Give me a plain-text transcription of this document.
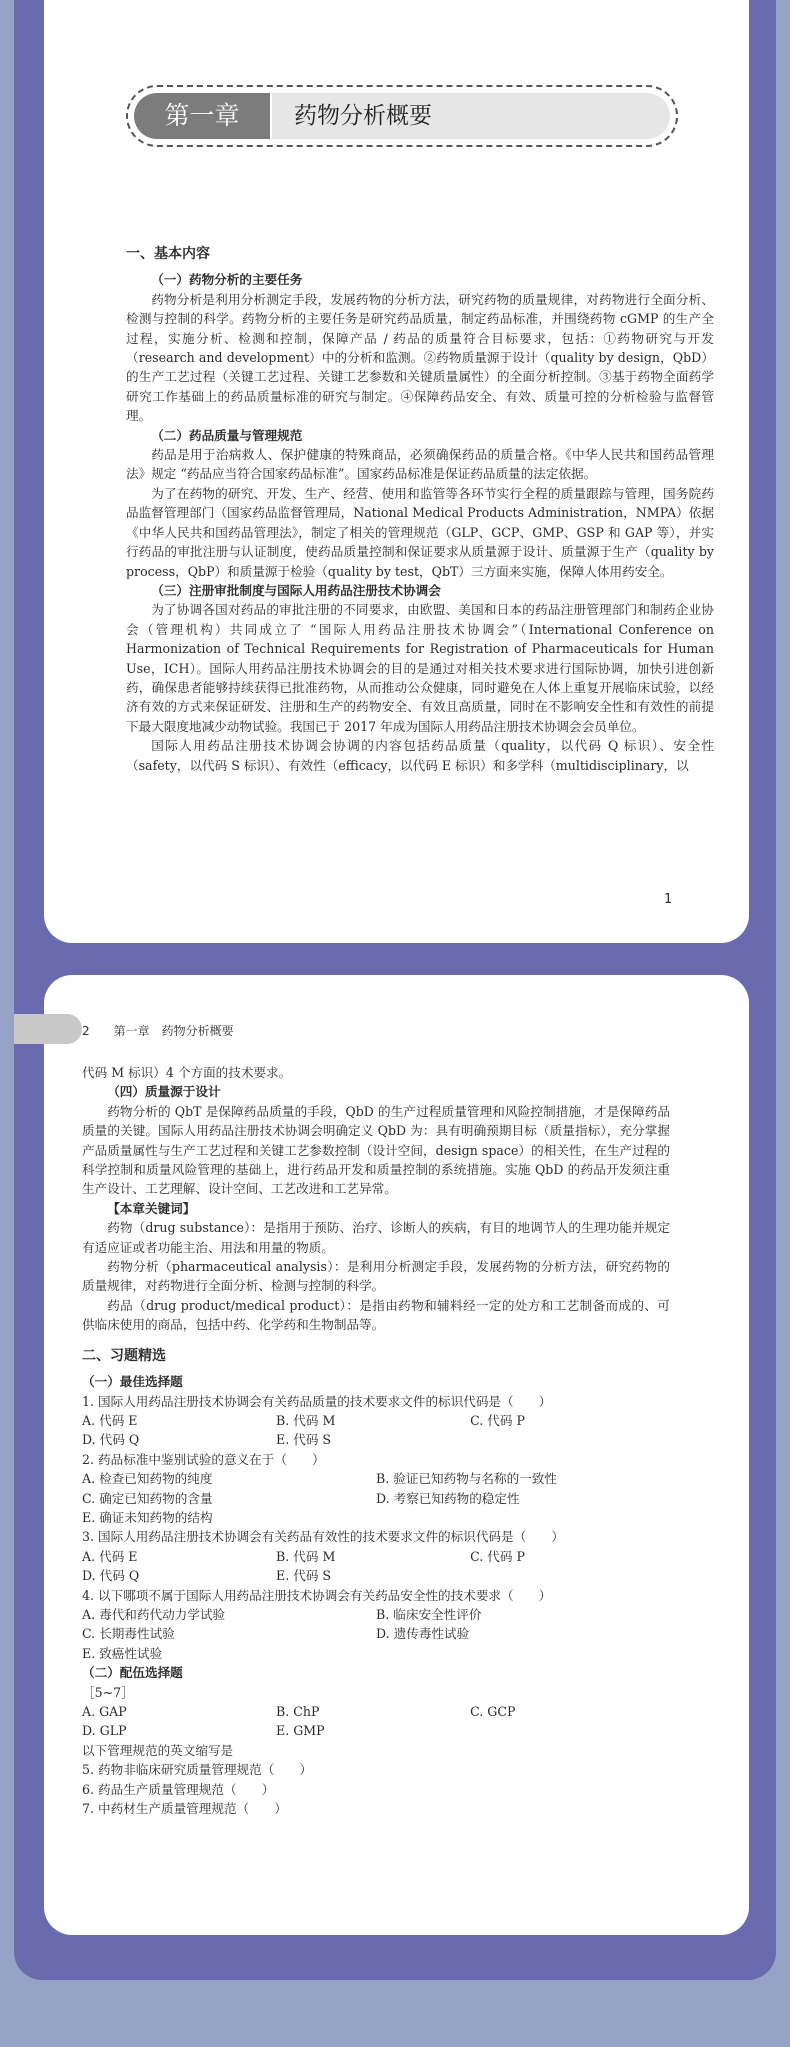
第一章	药物分析概要
一、基本内容
（一）药物分析的主要任务

药物分析是利用分析测定手段，发展药物的分析方法，研究药物的质量规律，对药物进行全面分析、检测与控制的科学。药物分析的主要任务是研究药品质量，制定药品标准，并围绕药物 cGMP 的生产全过程，实施分析、检测和控制，保障产品 / 药品的质量符合目标要求，包括：①药物研究与开发（research and development）中的分析和监测。②药物质量源于设计（quality by design，QbD）的生产工艺过程（关键工艺过程、关键工艺参数和关键质量属性）的全面分析控制。③基于药物全面药学研究工作基础上的药品质量标准的研究与制定。④保障药品安全、有效、质量可控的分析检验与监督管理。

（二）药品质量与管理规范

药品是用于治病救人、保护健康的特殊商品，必须确保药品的质量合格。《中华人民共和国药品管理法》规定 “药品应当符合国家药品标准”。国家药品标准是保证药品质量的法定依据。

为了在药物的研究、开发、生产、经营、使用和监管等各环节实行全程的质量跟踪与管理，国务院药品监督管理部门（国家药品监督管理局，National Medical Products Administration，NMPA）依据《中华人民共和国药品管理法》，制定了相关的管理规范（GLP、GCP、GMP、GSP 和 GAP 等），并实行药品的审批注册与认证制度，使药品质量控制和保证要求从质量源于设计、质量源于生产（quality by process，QbP）和质量源于检验（quality by test，QbT）三方面来实施，保障人体用药安全。

（三）注册审批制度与国际人用药品注册技术协调会

为了协调各国对药品的审批注册的不同要求，由欧盟、美国和日本的药品注册管理部门和制药企业协会（管理机构）共同成立了 “国际人用药品注册技术协调会”（International Conference on Harmonization of Technical Requirements for Registration of Pharmaceuticals for Human Use，ICH）。国际人用药品注册技术协调会的目的是通过对相关技术要求进行国际协调，加快引进创新药，确保患者能够持续获得已批准药物，从而推动公众健康，同时避免在人体上重复开展临床试验，以经济有效的方式来保证研发、注册和生产的药物安全、有效且高质量，同时在不影响安全性和有效性的前提下最大限度地减少动物试验。我国已于 2017 年成为国际人用药品注册技术协调会会员单位。

国际人用药品注册技术协调会协调的内容包括药品质量（quality，以代码 Q 标识）、安全性（safety，以代码 S 标识）、有效性（efficacy，以代码 E 标识）和多学科（multidisciplinary，以

1
2　　第一章　药物分析概要

代码 M 标识）4 个方面的技术要求。

（四）质量源于设计

药物分析的 QbT 是保障药品质量的手段，QbD 的生产过程质量管理和风险控制措施，才是保障药品质量的关键。国际人用药品注册技术协调会明确定义 QbD 为：具有明确预期目标（质量指标），充分掌握产品质量属性与生产工艺过程和关键工艺参数控制（设计空间，design space）的相关性，在生产过程的科学控制和质量风险管理的基础上，进行药品开发和质量控制的系统措施。实施 QbD 的药品开发须注重生产设计、工艺理解、设计空间、工艺改进和工艺异常。

【本章关键词】

药物（drug substance）：是指用于预防、治疗、诊断人的疾病，有目的地调节人的生理功能并规定有适应证或者功能主治、用法和用量的物质。

药物分析（pharmaceutical analysis）：是利用分析测定手段，发展药物的分析方法，研究药物的质量规律，对药物进行全面分析、检测与控制的科学。

药品（drug product/medical product）：是指由药物和辅料经一定的处方和工艺制备而成的、可供临床使用的商品，包括中药、化学药和生物制品等。

二、习题精选
（一）最佳选择题

1. 国际人用药品注册技术协调会有关药品质量的技术要求文件的标识代码是（　　）

A. 代码 E	B. 代码 M	C. 代码 P
D. 代码 Q	E. 代码 S

2. 药品标准中鉴别试验的意义在于（　　）

A. 检查已知药物的纯度	B. 验证已知药物与名称的一致性
C. 确定已知药物的含量	D. 考察已知药物的稳定性
E. 确证未知药物的结构

3. 国际人用药品注册技术协调会有关药品有效性的技术要求文件的标识代码是（　　）

A. 代码 E	B. 代码 M	C. 代码 P
D. 代码 Q	E. 代码 S

4. 以下哪项不属于国际人用药品注册技术协调会有关药品安全性的技术要求（　　）

A. 毒代和药代动力学试验	B. 临床安全性评价
C. 长期毒性试验	D. 遗传毒性试验
E. 致癌性试验
（二）配伍选择题

［5~7］

A. GAP	B. ChP	C. GCP
D. GLP	E. GMP

以下管理规范的英文缩写是

5. 药物非临床研究质量管理规范（　　）

6. 药品生产质量管理规范（　　）

7. 中药材生产质量管理规范（　　）
